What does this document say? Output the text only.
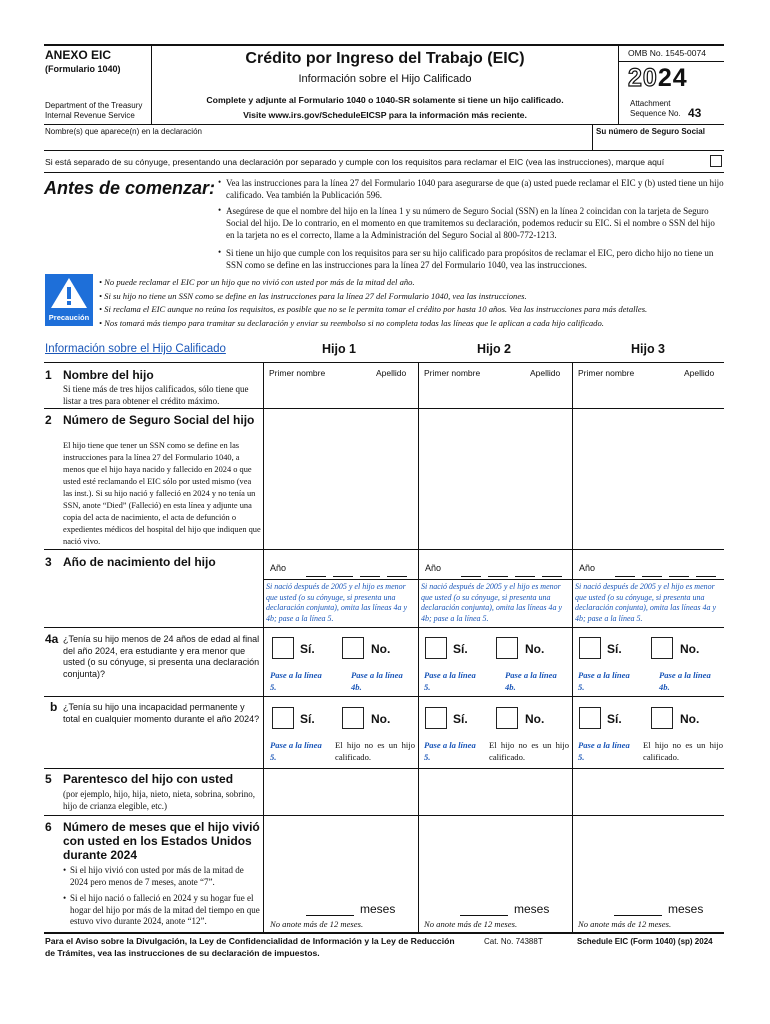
ANEXO EIC
(Formulario 1040)
Department of the Treasury
Internal Revenue Service
Crédito por Ingreso del Trabajo (EIC)
Información sobre el Hijo Calificado
Complete y adjunte al Formulario 1040 o 1040-SR solamente si tiene un hijo calificado.
Visite www.irs.gov/ScheduleEICSP para la información más reciente.
OMB No. 1545-0074
2024
Attachment
Sequence No. 43
Nombre(s) que aparece(n) en la declaración	Su número de Seguro Social
Si está separado de su cónyuge, presentando una declaración por separado y cumple con los requisitos para reclamar el EIC (vea las instrucciones), marque aquí
Antes de comenzar: • Vea las instrucciones para la línea 27 del Formulario 1040 para asegurarse de que (a) usted puede reclamar el EIC y (b) usted tiene un hijo calificado. Vea también la Publicación 596.
• Asegúrese de que el nombre del hijo en la línea 1 y su número de Seguro Social (SSN) en la línea 2 coincidan con la tarjeta de Seguro Social del hijo. De lo contrario, en el momento en que tramitemos su declaración, podemos reducir su EIC. Si el nombre o SSN del hijo en la tarjeta no es el correcto, llame a la Administración del Seguro Social al 800-772-1213.
• Si tiene un hijo que cumple con los requisitos para ser su hijo calificado para propósitos de reclamar el EIC, pero dicho hijo no tiene un SSN como se define en las instrucciones para la línea 27 del Formulario 1040, vea las instrucciones.
Precaución
• No puede reclamar el EIC por un hijo que no vivió con usted por más de la mitad del año.
• Si su hijo no tiene un SSN como se define en las instrucciones para la línea 27 del Formulario 1040, vea las instrucciones.
• Si reclama el EIC aunque no reúna los requisitos, es posible que no se le permita tomar el crédito por hasta 10 años. Vea las instrucciones para más detalles.
• Nos tomará más tiempo para tramitar su declaración y enviar su reembolso si no completa todas las líneas que le aplican a cada hijo calificado.
Información sobre el Hijo Calificado	Hijo 1	Hijo 2	Hijo 3
1 Nombre del hijo
Si tiene más de tres hijos calificados, sólo tiene que listar a tres para obtener el crédito máximo.
Primer nombre	Apellido Primer nombre	Apellido Primer nombre	Apellido
2 Número de Seguro Social del hijo
El hijo tiene que tener un SSN como se define en las instrucciones para la línea 27 del Formulario 1040, a menos que el hijo haya nacido y fallecido en 2024 o que usted esté reclamando el EIC sólo por usted mismo (vea las inst.). Si su hijo nació y falleció en 2024 y no tenía un SSN, anote “Died” (Falleció) en esta línea y adjunte una copia del acta de nacimiento, el acta de defunción o expedientes médicos del hospital del hijo que indiquen que nació vivo.
3 Año de nacimiento del hijo	Año	Año	Año
Si nació después de 2005 y el hijo es menor que usted (o su cónyuge, si presenta una declaración conjunta), omita las líneas 4a y 4b; pase a la línea 5.
Si nació después de 2005 y el hijo es menor que usted (o su cónyuge, si presenta una declaración conjunta), omita las líneas 4a y 4b; pase a la línea 5.
Si nació después de 2005 y el hijo es menor que usted (o su cónyuge, si presenta una declaración conjunta), omita las líneas 4a y 4b; pase a la línea 5.
4a ¿Tenía su hijo menos de 24 años de edad al final del año 2024, era estudiante y era menor que usted (o su cónyuge, si presenta una declaración conjunta)?
Sí.	No.
Pase a la línea 5.
Pase a la línea 4b.
Sí.	No.
Pase a la línea 5.
Pase a la línea 4b.
Sí.	No.
Pase a la línea 5.
Pase a la línea 4b.
b ¿Tenía su hijo una incapacidad permanente y total en cualquier momento durante el año 2024?	Sí.	No.
Pase a la línea 5.
El hijo no es un hijo calificado.
Sí.	No.
Pase a la línea 5.
El hijo no es un hijo calificado.
Sí.	No.
Pase a la línea 5.
El hijo no es un hijo calificado.
5 Parentesco del hijo con usted
(por ejemplo, hijo, hija, nieto, nieta, sobrina, sobrino, hijo de crianza elegible, etc.)
6 Número de meses que el hijo vivió con usted en los Estados Unidos durante 2024
• Si el hijo vivió con usted por más de la mitad de 2024 pero menos de 7 meses, anote “7”.
• Si el hijo nació o falleció en 2024 y su hogar fue el hogar del hijo por más de la mitad del tiempo en que estuvo vivo durante 2024, anote “12”.
meses
No anote más de 12 meses.
meses
No anote más de 12 meses.
meses
No anote más de 12 meses.
Para el Aviso sobre la Divulgación, la Ley de Confidencialidad de Información y la Ley de Reducción de Trámites, vea las instrucciones de su declaración de impuestos.
Cat. No. 74388T	Schedule EIC (Form 1040) (sp) 2024
